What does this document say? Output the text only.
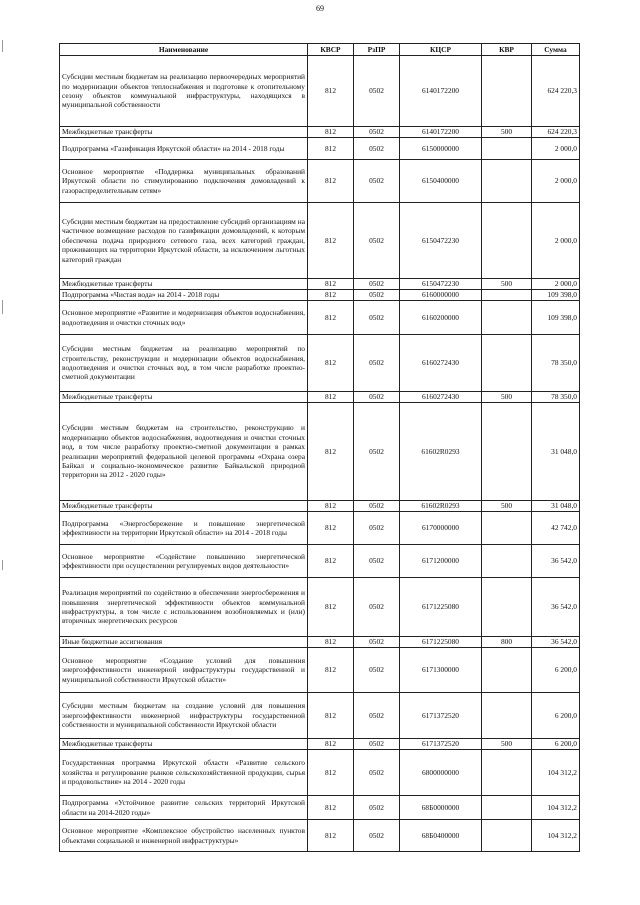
69
Наименование	КВСР	РзПР	КЦСР	КВР	Сумма
Субсидии местным бюджетам на реализацию первоочередных мероприятий по модернизации объектов теплоснабжения и подготовке к отопительному сезону объектов коммунальной инфраструктуры, находящихся в муниципальной собственности	812	0502	6140172200		624 220,3
Межбюджетные трансферты	812	0502	6140172200	500	624 220,3
Подпрограмма «Газификация Иркутской области» на 2014 - 2018 годы	812	0502	6150000000		2 000,0
Основное мероприятие «Поддержка муниципальных образований Иркутской области по стимулированию подключения домовладений к газораспределительным сетям»	812	0502	6150400000		2 000,0
Субсидии местным бюджетам на предоставление субсидий организациям на частичное возмещение расходов по газификации домовладений, к которым обеспечена подача природного сетевого газа, всех категорий граждан, проживающих на территории Иркутской области, за исключением льготных категорий граждан	812	0502	6150472230		2 000,0
Межбюджетные трансферты	812	0502	6150472230	500	2 000,0
Подпрограмма «Чистая вода» на 2014 - 2018 годы	812	0502	6160000000		109 398,0
Основное мероприятие «Развитие и модернизация объектов водоснабжения, водоотведения и очистки сточных вод»	812	0502	6160200000		109 398,0
Субсидии местным бюджетам на реализацию мероприятий по строительству, реконструкции и модернизации объектов водоснабжения, водоотведения и очистки сточных вод, в том числе разработке проектно-сметной документации	812	0502	6160272430		78 350,0
Межбюджетные трансферты	812	0502	6160272430	500	78 350,0
Субсидии местным бюджетам на строительство, реконструкцию и модернизацию объектов водоснабжения, водоотведения и очистки сточных вод, в том числе разработку проектно-сметной документации в рамках реализации мероприятий федеральной целевой программы «Охрана озера Байкал и социально-экономическое развитие Байкальской природной территории на 2012 - 2020 годы»	812	0502	61602R0293		31 048,0
Межбюджетные трансферты	812	0502	61602R0293	500	31 048,0
Подпрограмма «Энергосбережение и повышение энергетической эффективности на территории Иркутской области» на 2014 - 2018 годы	812	0502	6170000000		42 742,0
Основное мероприятие «Содействие повышению энергетической эффективности при осуществлении регулируемых видов деятельности»	812	0502	6171200000		36 542,0
Реализация мероприятий по содействию в обеспечении энергосбережения и повышения энергетической эффективности объектов коммунальной инфраструктуры, в том числе с использованием возобновляемых и (или) вторичных энергетических ресурсов	812	0502	6171225080		36 542,0
Иные бюджетные ассигнования	812	0502	6171225080	800	36 542,0
Основное мероприятие «Создание условий для повышения энергоэффективности инженерной инфраструктуры государственной и муниципальной собственности Иркутской области»	812	0502	6171300000		6 200,0
Субсидии местным бюджетам на создание условий для повышения энергоэффективности инженерной инфраструктуры государственной собственности и муниципальной собственности Иркутской области	812	0502	6171372520		6 200,0
Межбюджетные трансферты	812	0502	6171372520	500	6 200,0
Государственная программа Иркутской области «Развитие сельского хозяйства и регулирование рынков сельскохозяйственной продукции, сырья и продовольствия» на 2014 - 2020 годы	812	0502	6800000000		104 312,2
Подпрограмма «Устойчивое развитие сельских территорий Иркутской области на 2014-2020 годы»	812	0502	68Б0000000		104 312,2
Основное мероприятие «Комплексное обустройство населенных пунктов объектами социальной и инженерной инфраструктуры»	812	0502	68Б0400000		104 312,2
